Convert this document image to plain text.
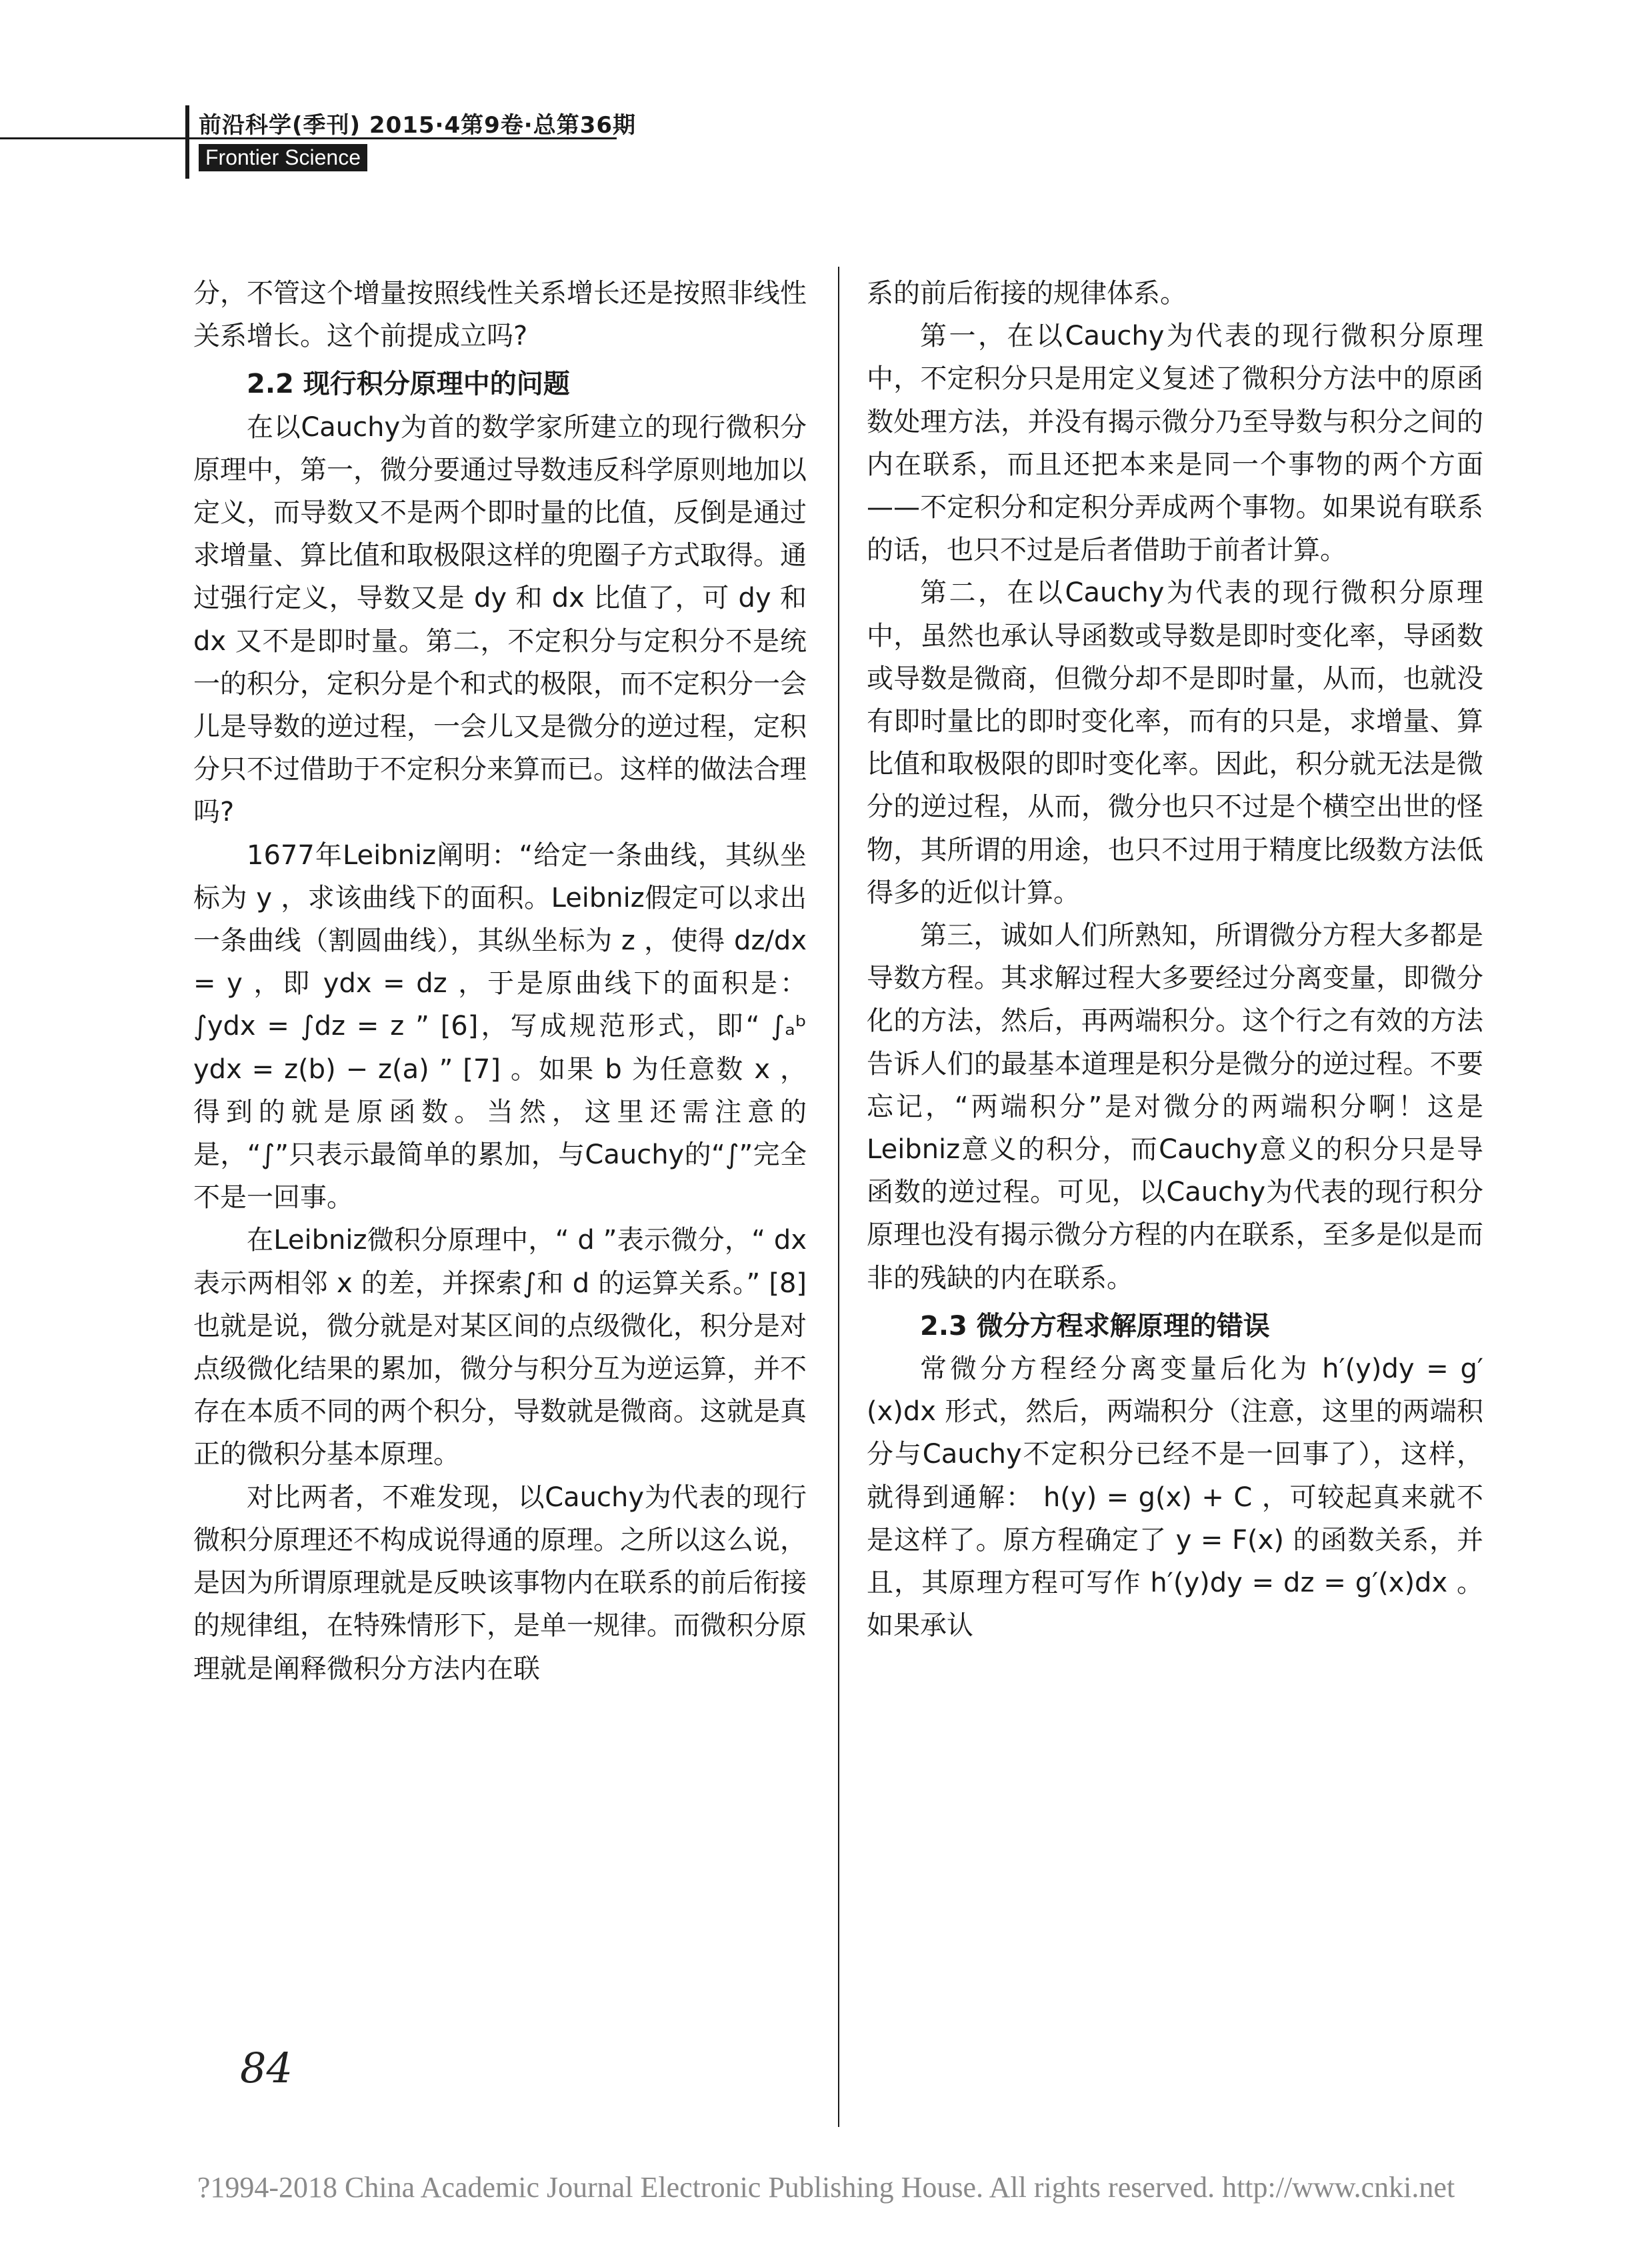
前沿科学(季刊) 2015·4第9卷·总第36期
Frontier Science

分，不管这个增量按照线性关系增长还是按照非线性关系增长。这个前提成立吗?

2.2 现行积分原理中的问题

在以Cauchy为首的数学家所建立的现行微积分原理中，第一，微分要通过导数违反科学原则地加以定义，而导数又不是两个即时量的比值，反倒是通过求增量、算比值和取极限这样的兜圈子方式取得。通过强行定义，导数又是 dy 和 dx 比值了，可 dy 和 dx 又不是即时量。第二，不定积分与定积分不是统一的积分，定积分是个和式的极限，而不定积分一会儿是导数的逆过程，一会儿又是微分的逆过程，定积分只不过借助于不定积分来算而已。这样的做法合理吗?

1677年Leibniz阐明：“给定一条曲线，其纵坐标为 y ，求该曲线下的面积。Leibniz假定可以求出一条曲线（割圆曲线），其纵坐标为 z ，使得 dz/dx = y ，即 ydx = dz ，于是原曲线下的面积是： ∫ydx = ∫dz = z ” [6]，写成规范形式，即“ ∫ₐᵇ ydx = z(b) − z(a) ” [7] 。如果 b 为任意数 x ，得到的就是原函数。当然，这里还需注意的是，“∫”只表示最简单的累加，与Cauchy的“∫”完全不是一回事。

在Leibniz微积分原理中，“ d ”表示微分，“ dx 表示两相邻 x 的差，并探索∫和 d 的运算关系。” [8] 也就是说，微分就是对某区间的点级微化，积分是对点级微化结果的累加，微分与积分互为逆运算，并不存在本质不同的两个积分，导数就是微商。这就是真正的微积分基本原理。

对比两者，不难发现，以Cauchy为代表的现行微积分原理还不构成说得通的原理。之所以这么说，是因为所谓原理就是反映该事物内在联系的前后衔接的规律组，在特殊情形下，是单一规律。而微积分原理就是阐释微积分方法内在联

系的前后衔接的规律体系。

第一，在以Cauchy为代表的现行微积分原理中，不定积分只是用定义复述了微积分方法中的原函数处理方法，并没有揭示微分乃至导数与积分之间的内在联系，而且还把本来是同一个事物的两个方面——不定积分和定积分弄成两个事物。如果说有联系的话，也只不过是后者借助于前者计算。

第二，在以Cauchy为代表的现行微积分原理中，虽然也承认导函数或导数是即时变化率，导函数或导数是微商，但微分却不是即时量，从而，也就没有即时量比的即时变化率，而有的只是，求增量、算比值和取极限的即时变化率。因此，积分就无法是微分的逆过程，从而，微分也只不过是个横空出世的怪物，其所谓的用途，也只不过用于精度比级数方法低得多的近似计算。

第三，诚如人们所熟知，所谓微分方程大多都是导数方程。其求解过程大多要经过分离变量，即微分化的方法，然后，再两端积分。这个行之有效的方法告诉人们的最基本道理是积分是微分的逆过程。不要忘记，“两端积分”是对微分的两端积分啊！这是Leibniz意义的积分，而Cauchy意义的积分只是导函数的逆过程。可见，以Cauchy为代表的现行积分原理也没有揭示微分方程的内在联系，至多是似是而非的残缺的内在联系。

2.3 微分方程求解原理的错误

常微分方程经分离变量后化为 h′(y)dy = g′(x)dx 形式，然后，两端积分（注意，这里的两端积分与Cauchy不定积分已经不是一回事了），这样，就得到通解： h(y) = g(x) + C ，可较起真来就不是这样了。原方程确定了 y = F(x) 的函数关系，并且，其原理方程可写作 h′(y)dy = dz = g′(x)dx 。如果承认

84
?1994-2018 China Academic Journal Electronic Publishing House. All rights reserved. http://www.cnki.net
